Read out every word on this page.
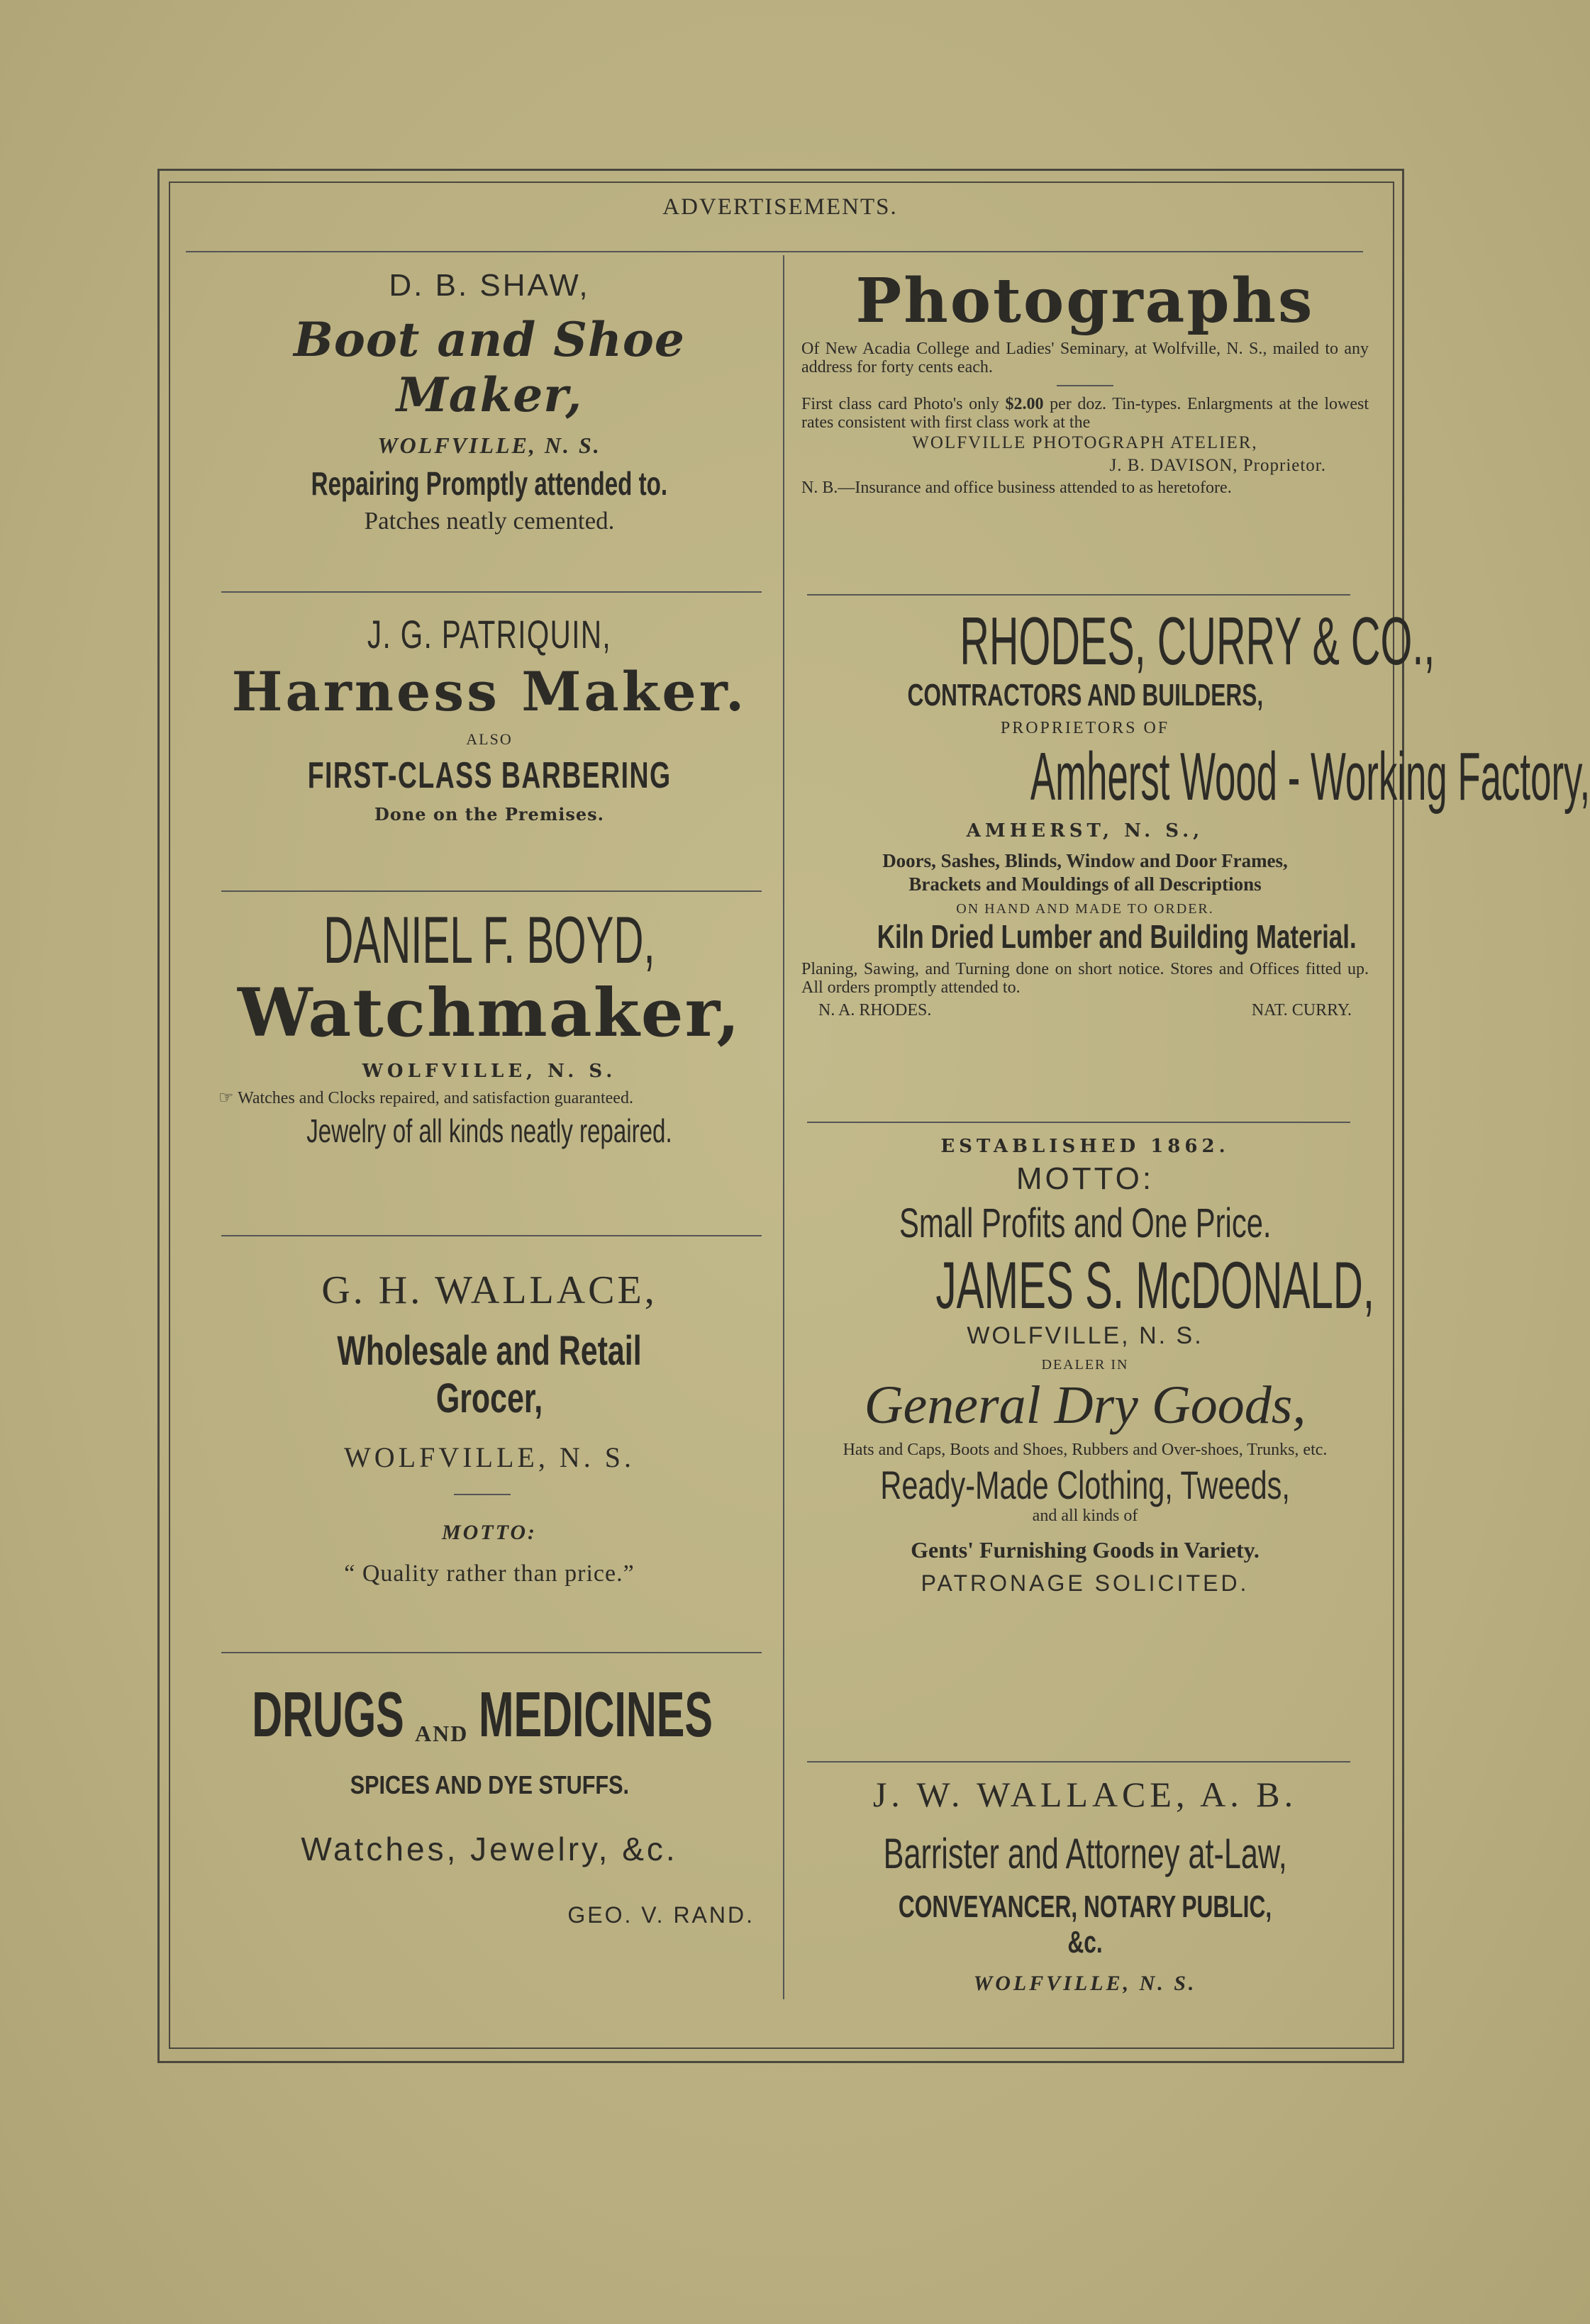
ADVERTISEMENTS.
D. B. SHAW,
Boot and Shoe Maker,
WOLFVILLE, N. S.
Repairing Promptly attended to.
Patches neatly cemented.
J. G. PATRIQUIN,
Harness Maker.
ALSO
FIRST-CLASS BARBERING
Done on the Premises.
DANIEL F. BOYD,
Watchmaker,
WOLFVILLE, N. S.
☞ Watches and Clocks repaired, and satisfaction guaranteed.
Jewelry of all kinds neatly repaired.
G. H. WALLACE,
Wholesale and Retail Grocer,
WOLFVILLE, N. S.
MOTTO:
“ Quality rather than price.”
DRUGS AND MEDICINES
SPICES AND DYE STUFFS.
Watches, Jewelry, &c.
GEO. V. RAND.
Photographs
Of New Acadia College and Ladies' Seminary, at Wolfville, N. S., mailed to any address for forty cents each.
First class card Photo's only $2.00 per doz. Tin-types. Enlargments at the lowest rates consistent with first class work at the
WOLFVILLE PHOTOGRAPH ATELIER,
J. B. DAVISON, Proprietor.
N. B.—Insurance and office business attended to as heretofore.
RHODES, CURRY & CO.,
CONTRACTORS AND BUILDERS,
PROPRIETORS OF
Amherst Wood - Working Factory,
AMHERST, N. S.,
Doors, Sashes, Blinds, Window and Door Frames,
Brackets and Mouldings of all Descriptions
ON HAND AND MADE TO ORDER.
Kiln Dried Lumber and Building Material.
Planing, Sawing, and Turning done on short notice. Stores and Offices fitted up. All orders promptly attended to.
N. A. RHODES.	NAT. CURRY.
ESTABLISHED 1862.
MOTTO:
Small Profits and One Price.
JAMES S. McDONALD,
WOLFVILLE, N. S.
DEALER IN
General Dry Goods,
Hats and Caps, Boots and Shoes, Rubbers and Over-shoes, Trunks, etc.
Ready-Made Clothing, Tweeds,
and all kinds of
Gents' Furnishing Goods in Variety.
PATRONAGE SOLICITED.
J. W. WALLACE, A. B.
Barrister and Attorney at-Law,
CONVEYANCER, NOTARY PUBLIC, &c.
WOLFVILLE, N. S.
